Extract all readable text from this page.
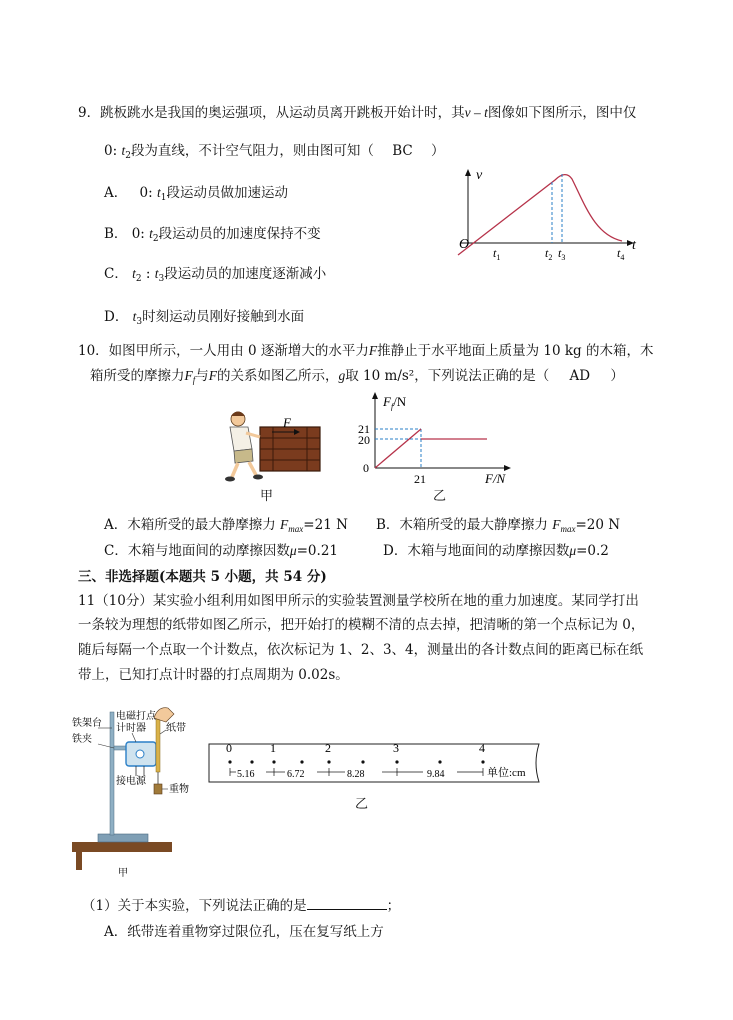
9．跳板跳水是我国的奥运强项，从运动员离开跳板开始计时，其v – t图像如下图所示，图中仅
0: $t_2$段为直线，不计空气阻力，则由图可知（ BC ）
A． 0: $t_1$段运动员做加速运动
B． 0: $t_2$段运动员的加速度保持不变
C． $t_2$ : $t_3$段运动员的加速度逐渐减小
D． $t_3$时刻运动员刚好接触到水面
v
t
O
$t_1$	$t_2$ $t_3$	$t_4$
10．如图甲所示，一人用由 0 逐渐增大的水平力F推静止于水平地面上质量为 10 kg 的木箱，木
箱所受的摩擦力$F_f$与F的关系如图乙所示，g取 10 m/s²，下列说法正确的是（ AD ）
F
甲
$F_f/N$
21
20
0
21	F/N
乙
A．木箱所受的最大静摩擦力 $F_{max}=21$ N B．木箱所受的最大静摩擦力 $F_{max}=20$ N
C．木箱与地面间的动摩擦因数μ=0.21	D．木箱与地面间的动摩擦因数μ=0.2
三、非选择题(本题共 5 小题，共 54 分)
11（10分）某实验小组利用如图甲所示的实验装置测量学校所在地的重力加速度。某同学打出
一条较为理想的纸带如图乙所示，把开始打的模糊不清的点去掉，把清晰的第一个点标记为 0，
随后每隔一个点取一个计数点，依次标记为 1、2、3、4，测量出的各计数点间的距离已标在纸
带上，已知打点计时器的打点周期为 0.02s。
铁架台
铁夹
电磁打点
计时器 纸带
接电源
重物
甲
0	1	2	3	4
5.16	6.72	8.28	9.84	单位:cm
乙
（1）关于本实验，下列说法正确的是	；
A．纸带连着重物穿过限位孔，压在复写纸上方
